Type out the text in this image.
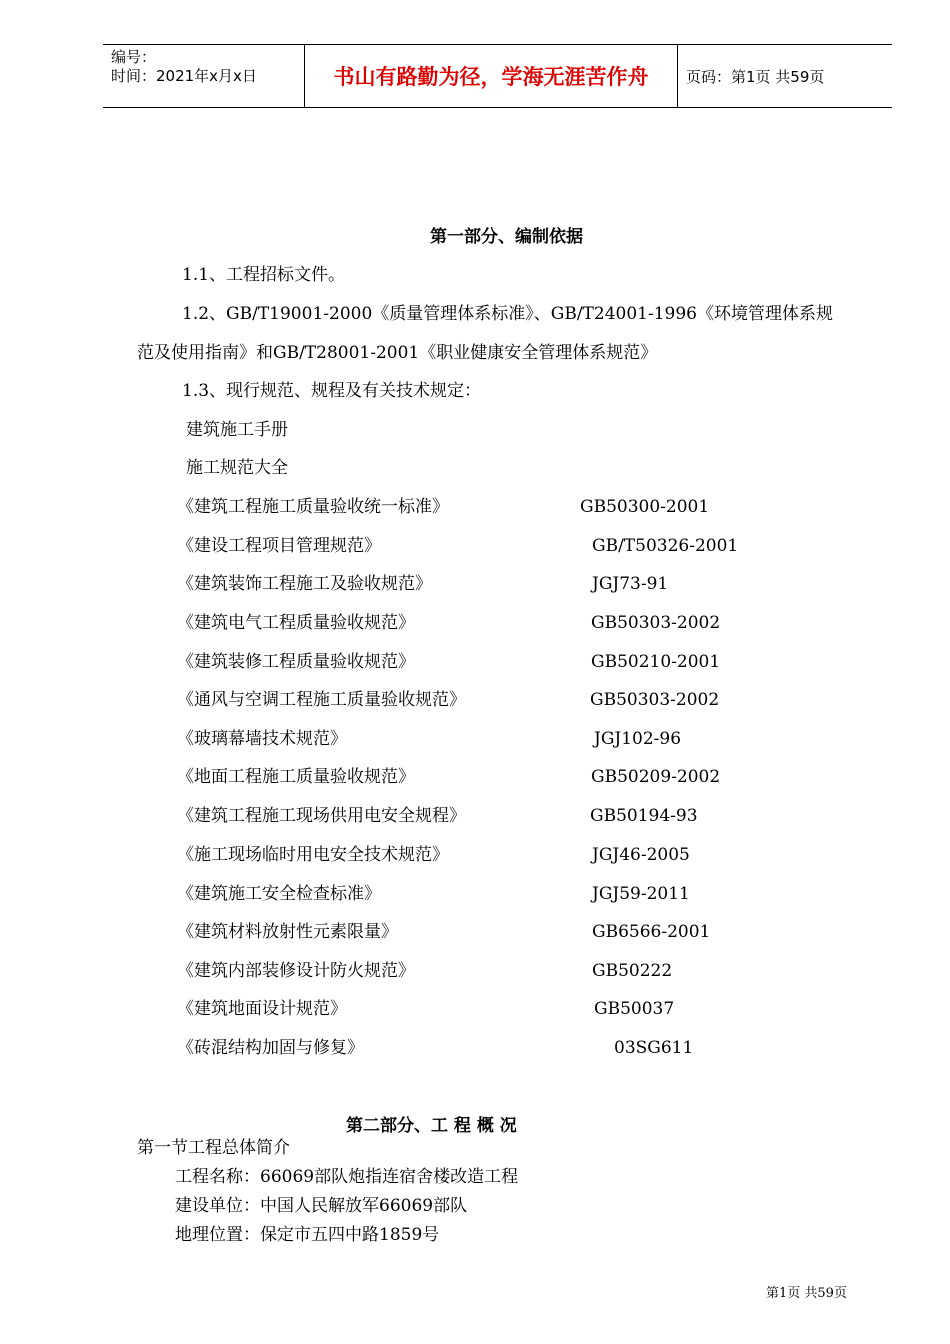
编号：
时间：2021年x月x日	书山有路勤为径，学海无涯苦作舟	页码：第1页 共59页
第一部分、编制依据
1.1、工程招标文件。
1.2、GB/T19001-2000《质量管理体系标准》、GB/T24001-1996《环境管理体系规
范及使用指南》和GB/T28001-2001《职业健康安全管理体系规范》
1.3、现行规范、规程及有关技术规定：
建筑施工手册
施工规范大全
《建筑工程施工质量验收统一标准》	GB50300-2001
《建设工程项目管理规范》	GB/T50326-2001
《建筑装饰工程施工及验收规范》	JGJ73-91
《建筑电气工程质量验收规范》	GB50303-2002
《建筑装修工程质量验收规范》	GB50210-2001
《通风与空调工程施工质量验收规范》	GB50303-2002
《玻璃幕墙技术规范》	JGJ102-96
《地面工程施工质量验收规范》	GB50209-2002
《建筑工程施工现场供用电安全规程》	GB50194-93
《施工现场临时用电安全技术规范》	JGJ46-2005
《建筑施工安全检查标准》	JGJ59-2011
《建筑材料放射性元素限量》	GB6566-2001
《建筑内部装修设计防火规范》	GB50222
《建筑地面设计规范》	GB50037
《砖混结构加固与修复》	03SG611
第二部分、工 程 概 况
第一节工程总体简介
工程名称：66069部队炮指连宿舍楼改造工程
建设单位：中国人民解放军66069部队
地理位置：保定市五四中路1859号
第1页 共59页
